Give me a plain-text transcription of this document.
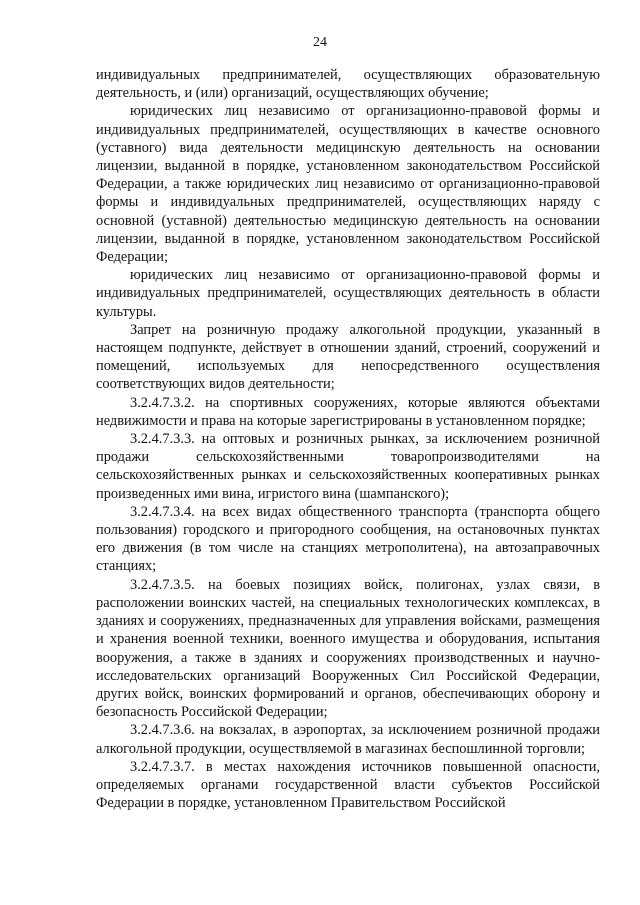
24

индивидуальных предпринимателей, осуществляющих образовательную деятельность, и (или) организаций, осуществляющих обучение;

юридических лиц независимо от организационно-правовой формы и индивидуальных предпринимателей, осуществляющих в качестве основного (уставного) вида деятельности медицинскую деятельность на основании лицензии, выданной в порядке, установленном законодательством Российской Федерации, а также юридических лиц независимо от организационно-правовой формы и индивидуальных предпринимателей, осуществляющих наряду с основной (уставной) деятельностью медицинскую деятельность на основании лицензии, выданной в порядке, установленном законодательством Российской Федерации;

юридических лиц независимо от организационно-правовой формы и индивидуальных предпринимателей, осуществляющих деятельность в области культуры.

Запрет на розничную продажу алкогольной продукции, указанный в настоящем подпункте, действует в отношении зданий, строений, сооружений и помещений, используемых для непосредственного осуществления соответствующих видов деятельности;

3.2.4.7.3.2. на спортивных сооружениях, которые являются объектами недвижимости и права на которые зарегистрированы в установленном порядке;

3.2.4.7.3.3. на оптовых и розничных рынках, за исключением розничной продажи сельскохозяйственными товаропроизводителями на сельскохозяйственных рынках и сельскохозяйственных кооперативных рынках произведенных ими вина, игристого вина (шампанского);

3.2.4.7.3.4. на всех видах общественного транспорта (транспорта общего пользования) городского и пригородного сообщения, на остановочных пунктах его движения (в том числе на станциях метрополитена), на автозаправочных станциях;

3.2.4.7.3.5. на боевых позициях войск, полигонах, узлах связи, в расположении воинских частей, на специальных технологических комплексах, в зданиях и сооружениях, предназначенных для управления войсками, размещения и хранения военной техники, военного имущества и оборудования, испытания вооружения, а также в зданиях и сооружениях производственных и научно-исследовательских организаций Вооруженных Сил Российской Федерации, других войск, воинских формирований и органов, обеспечивающих оборону и безопасность Российской Федерации;

3.2.4.7.3.6. на вокзалах, в аэропортах, за исключением розничной продажи алкогольной продукции, осуществляемой в магазинах беспошлинной торговли;

3.2.4.7.3.7. в местах нахождения источников повышенной опасности, определяемых органами государственной власти субъектов Российской Федерации в порядке, установленном Правительством Российской
